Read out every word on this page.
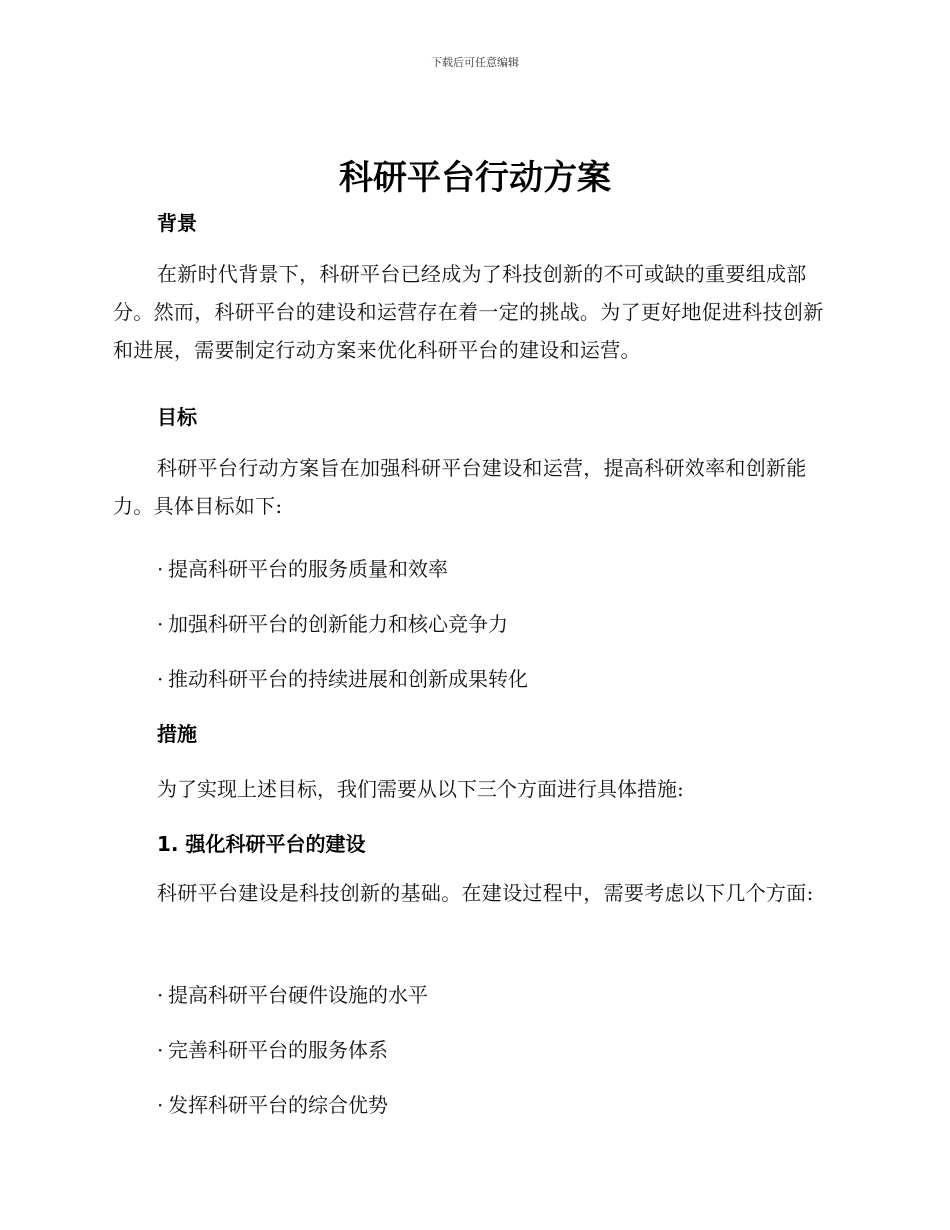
下载后可任意编辑
科研平台行动方案
背景

在新时代背景下，科研平台已经成为了科技创新的不可或缺的重要组成部分。然而，科研平台的建设和运营存在着一定的挑战。为了更好地促进科技创新和进展，需要制定行动方案来优化科研平台的建设和运营。

目标

科研平台行动方案旨在加强科研平台建设和运营，提高科研效率和创新能力。具体目标如下:

· 提高科研平台的服务质量和效率
· 加强科研平台的创新能力和核心竞争力
· 推动科研平台的持续进展和创新成果转化
措施
为了实现上述目标，我们需要从以下三个方面进行具体措施:
1. 强化科研平台的建设

科研平台建设是科技创新的基础。在建设过程中，需要考虑以下几个方面:

· 提高科研平台硬件设施的水平
· 完善科研平台的服务体系
· 发挥科研平台的综合优势
